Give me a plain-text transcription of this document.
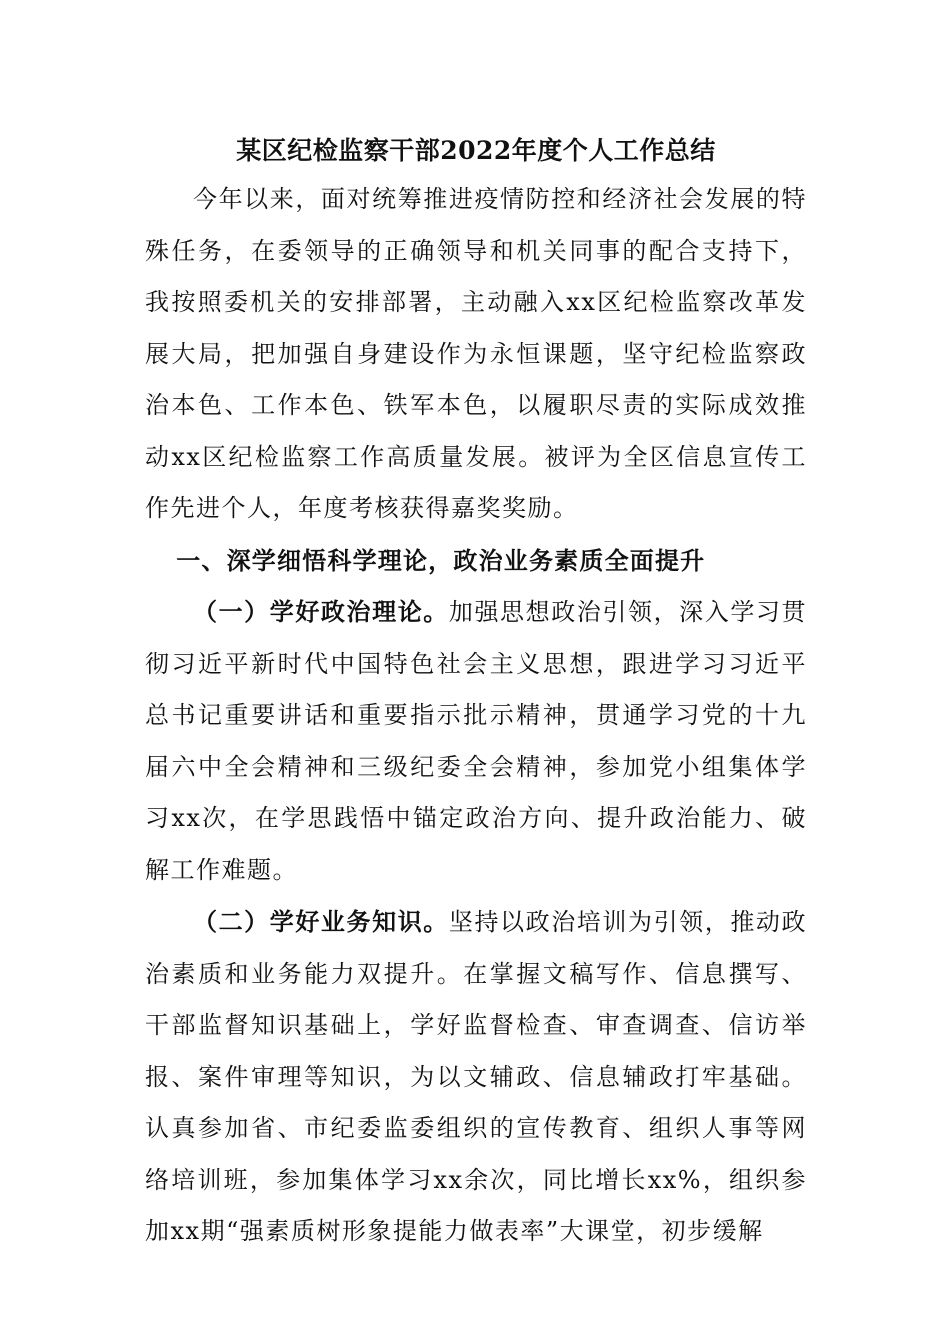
某区纪检监察干部2022年度个人工作总结

今年以来，面对统筹推进疫情防控和经济社会发展的特殊任务，在委领导的正确领导和机关同事的配合支持下，我按照委机关的安排部署，主动融入xx区纪检监察改革发展大局，把加强自身建设作为永恒课题，坚守纪检监察政治本色、工作本色、铁军本色，以履职尽责的实际成效推动xx区纪检监察工作高质量发展。被评为全区信息宣传工作先进个人，年度考核获得嘉奖奖励。

一、深学细悟科学理论，政治业务素质全面提升

（一）学好政治理论。加强思想政治引领，深入学习贯彻习近平新时代中国特色社会主义思想，跟进学习习近平总书记重要讲话和重要指示批示精神，贯通学习党的十九届六中全会精神和三级纪委全会精神，参加党小组集体学习xx次，在学思践悟中锚定政治方向、提升政治能力、破解工作难题。

（二）学好业务知识。坚持以政治培训为引领，推动政治素质和业务能力双提升。在掌握文稿写作、信息撰写、干部监督知识基础上，学好监督检查、审查调查、信访举报、案件审理等知识，为以文辅政、信息辅政打牢基础。认真参加省、市纪委监委组织的宣传教育、组织人事等网络培训班，参加集体学习xx余次，同比增长xx%，组织参加xx期“强素质树形象提能力做表率”大课堂，初步缓解
